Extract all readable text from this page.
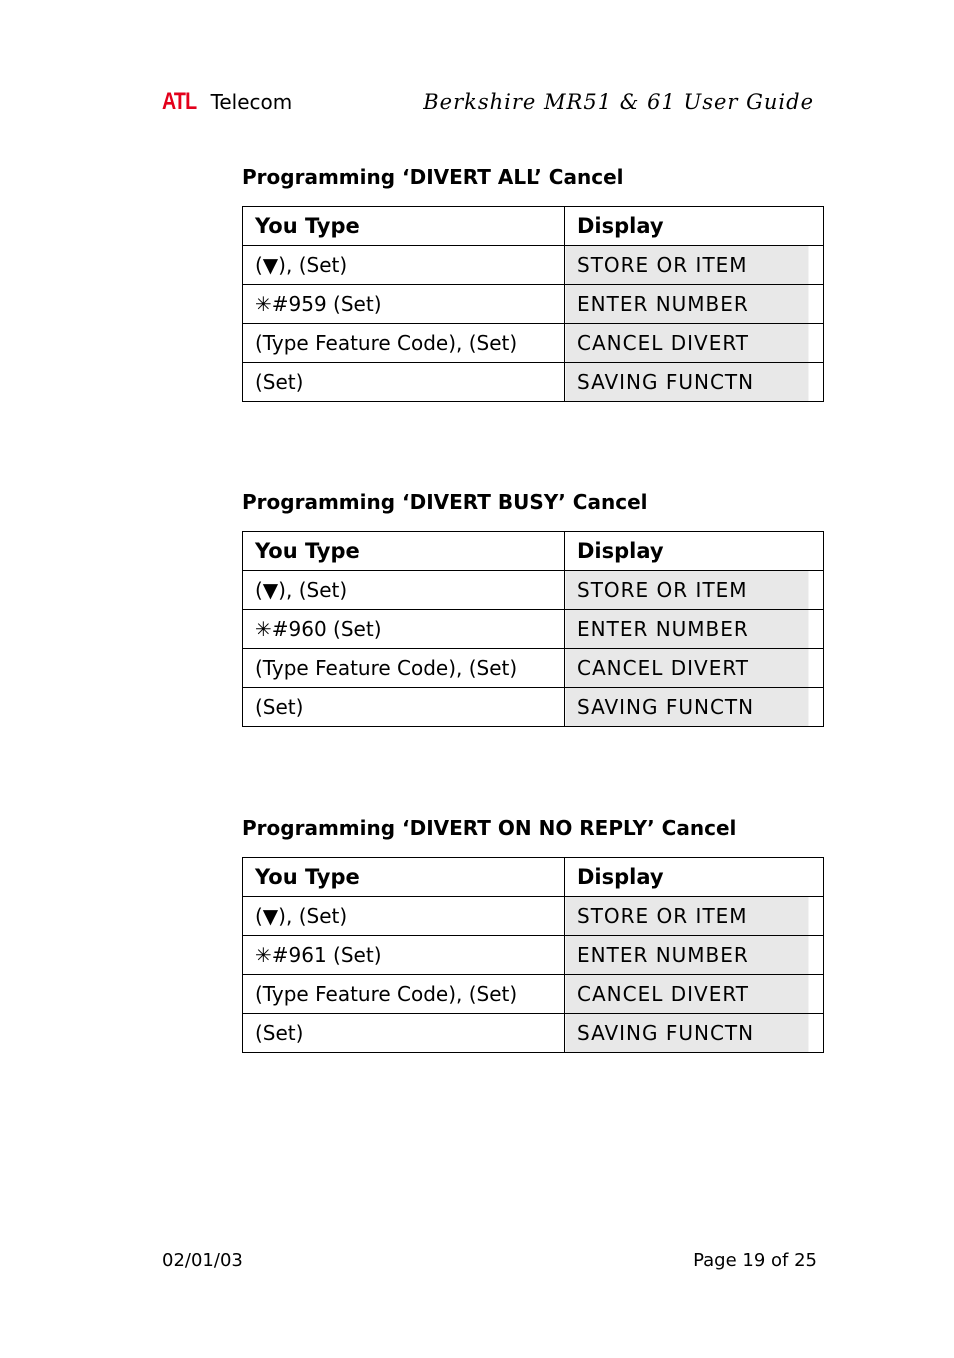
ATL Telecom	Berkshire MR51 & 61 User Guide
Programming ‘DIVERT ALL’ Cancel
You Type	Display
(▼), (Set)	STORE OR ITEM
✳#959 (Set)	ENTER NUMBER
(Type Feature Code), (Set)	CANCEL DIVERT
(Set)	SAVING FUNCTN
Programming ‘DIVERT BUSY’ Cancel
You Type	Display
(▼), (Set)	STORE OR ITEM
✳#960 (Set)	ENTER NUMBER
(Type Feature Code), (Set)	CANCEL DIVERT
(Set)	SAVING FUNCTN
Programming ‘DIVERT ON NO REPLY’ Cancel
You Type	Display
(▼), (Set)	STORE OR ITEM
✳#961 (Set)	ENTER NUMBER
(Type Feature Code), (Set)	CANCEL DIVERT
(Set)	SAVING FUNCTN
02/01/03	Page 19 of 25
